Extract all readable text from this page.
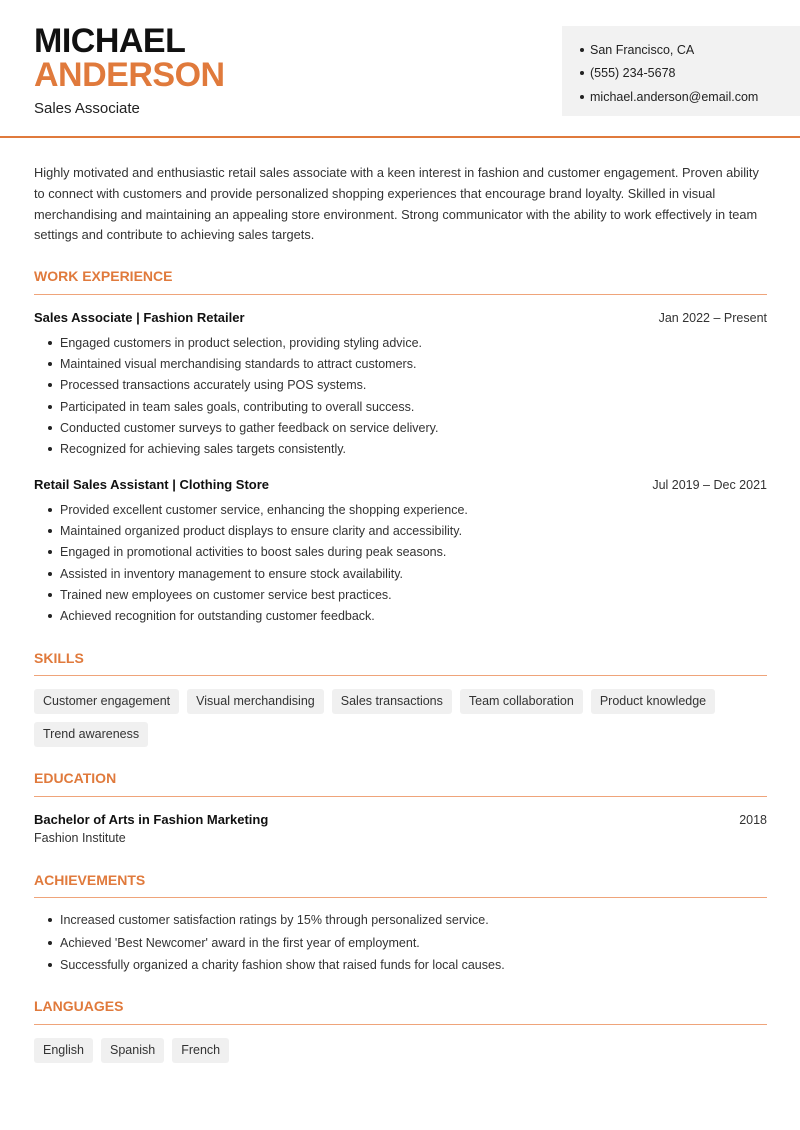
MICHAEL
ANDERSON
Sales Associate
San Francisco, CA
(555) 234-5678
michael.anderson@email.com

Highly motivated and enthusiastic retail sales associate with a keen interest in fashion and customer engagement. Proven ability to connect with customers and provide personalized shopping experiences that encourage brand loyalty. Skilled in visual merchandising and maintaining an appealing store environment. Strong communicator with the ability to work effectively in team settings and contribute to achieving sales targets.

WORK EXPERIENCE
Sales Associate | Fashion Retailer	Jan 2022 – Present
Engaged customers in product selection, providing styling advice.
Maintained visual merchandising standards to attract customers.
Processed transactions accurately using POS systems.
Participated in team sales goals, contributing to overall success.
Conducted customer surveys to gather feedback on service delivery.
Recognized for achieving sales targets consistently.
Retail Sales Assistant | Clothing Store	Jul 2019 – Dec 2021
Provided excellent customer service, enhancing the shopping experience.
Maintained organized product displays to ensure clarity and accessibility.
Engaged in promotional activities to boost sales during peak seasons.
Assisted in inventory management to ensure stock availability.
Trained new employees on customer service best practices.
Achieved recognition for outstanding customer feedback.
SKILLS
Customer engagement	Visual merchandising	Sales transactions	Team collaboration	Product knowledge
Trend awareness
EDUCATION
Bachelor of Arts in Fashion Marketing	2018
Fashion Institute
ACHIEVEMENTS
Increased customer satisfaction ratings by 15% through personalized service.
Achieved 'Best Newcomer' award in the first year of employment.
Successfully organized a charity fashion show that raised funds for local causes.
LANGUAGES
English	Spanish	French
